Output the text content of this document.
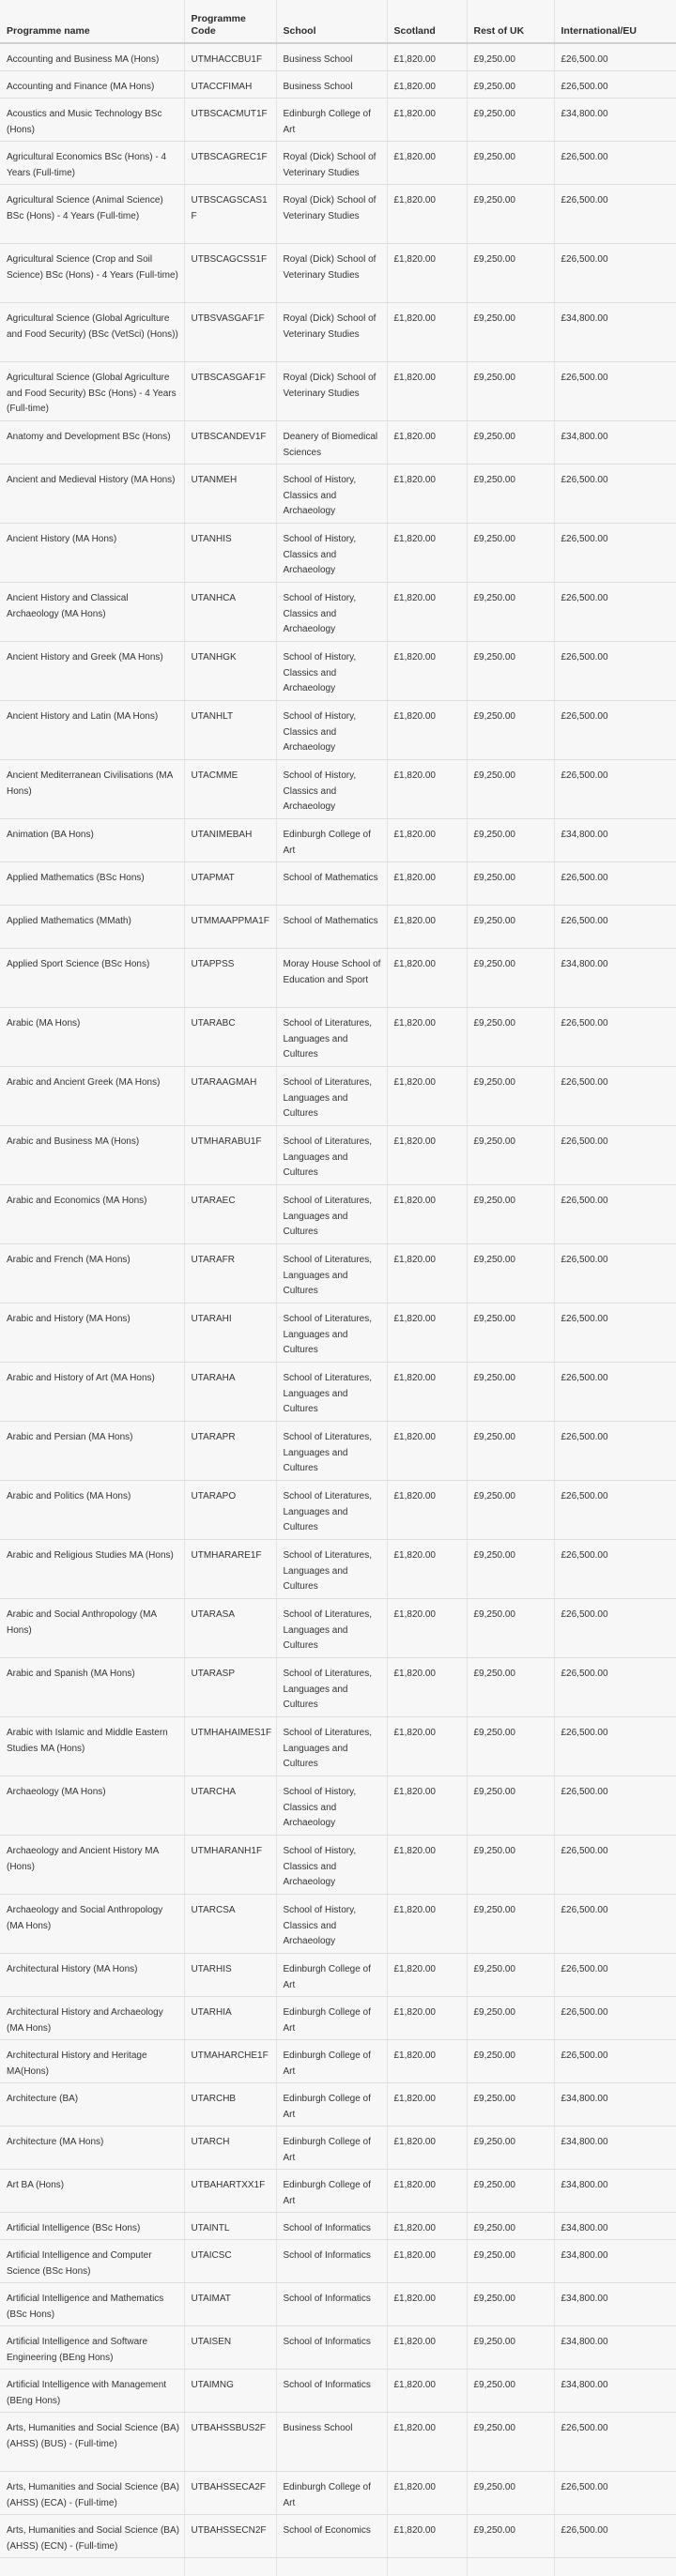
Programme name	Programme Code	School	Scotland	Rest of UK	International/EU
Accounting and Business MA (Hons)	UTMHACCBU1F	Business School	£1,820.00	£9,250.00	£26,500.00
Accounting and Finance (MA Hons)	UTACCFIMAH	Business School	£1,820.00	£9,250.00	£26,500.00
Acoustics and Music Technology BSc (Hons)	UTBSCACMUT1F	Edinburgh College of Art	£1,820.00	£9,250.00	£34,800.00
Agricultural Economics BSc (Hons) - 4 Years (Full-time)	UTBSCAGREC1F	Royal (Dick) School of Veterinary Studies	£1,820.00	£9,250.00	£26,500.00
Agricultural Science (Animal Science) BSc (Hons) - 4 Years (Full-time)	UTBSCAGSCAS1F	Royal (Dick) School of Veterinary Studies	£1,820.00	£9,250.00	£26,500.00
Agricultural Science (Crop and Soil Science) BSc (Hons) - 4 Years (Full-time)	UTBSCAGCSS1F	Royal (Dick) School of Veterinary Studies	£1,820.00	£9,250.00	£26,500.00
Agricultural Science (Global Agriculture and Food Security) (BSc (VetSci) (Hons))	UTBSVASGAF1F	Royal (Dick) School of Veterinary Studies	£1,820.00	£9,250.00	£34,800.00
Agricultural Science (Global Agriculture and Food Security) BSc (Hons) - 4 Years (Full-time)	UTBSCASGAF1F	Royal (Dick) School of Veterinary Studies	£1,820.00	£9,250.00	£26,500.00
Anatomy and Development BSc (Hons)	UTBSCANDEV1F	Deanery of Biomedical Sciences	£1,820.00	£9,250.00	£34,800.00
Ancient and Medieval History (MA Hons)	UTANMEH	School of History, Classics and Archaeology	£1,820.00	£9,250.00	£26,500.00
Ancient History (MA Hons)	UTANHIS	School of History, Classics and Archaeology	£1,820.00	£9,250.00	£26,500.00
Ancient History and Classical Archaeology (MA Hons)	UTANHCA	School of History, Classics and Archaeology	£1,820.00	£9,250.00	£26,500.00
Ancient History and Greek (MA Hons)	UTANHGK	School of History, Classics and Archaeology	£1,820.00	£9,250.00	£26,500.00
Ancient History and Latin (MA Hons)	UTANHLT	School of History, Classics and Archaeology	£1,820.00	£9,250.00	£26,500.00
Ancient Mediterranean Civilisations (MA Hons)	UTACMME	School of History, Classics and Archaeology	£1,820.00	£9,250.00	£26,500.00
Animation (BA Hons)	UTANIMEBAH	Edinburgh College of Art	£1,820.00	£9,250.00	£34,800.00
Applied Mathematics (BSc Hons)	UTAPMAT	School of Mathematics	£1,820.00	£9,250.00	£26,500.00
Applied Mathematics (MMath)	UTMMAAPPMA1F	School of Mathematics	£1,820.00	£9,250.00	£26,500.00
Applied Sport Science (BSc Hons)	UTAPPSS	Moray House School of Education and Sport	£1,820.00	£9,250.00	£34,800.00
Arabic (MA Hons)	UTARABC	School of Literatures, Languages and Cultures	£1,820.00	£9,250.00	£26,500.00
Arabic and Ancient Greek (MA Hons)	UTARAAGMAH	School of Literatures, Languages and Cultures	£1,820.00	£9,250.00	£26,500.00
Arabic and Business MA (Hons)	UTMHARABU1F	School of Literatures, Languages and Cultures	£1,820.00	£9,250.00	£26,500.00
Arabic and Economics (MA Hons)	UTARAEC	School of Literatures, Languages and Cultures	£1,820.00	£9,250.00	£26,500.00
Arabic and French (MA Hons)	UTARAFR	School of Literatures, Languages and Cultures	£1,820.00	£9,250.00	£26,500.00
Arabic and History (MA Hons)	UTARAHI	School of Literatures, Languages and Cultures	£1,820.00	£9,250.00	£26,500.00
Arabic and History of Art (MA Hons)	UTARAHA	School of Literatures, Languages and Cultures	£1,820.00	£9,250.00	£26,500.00
Arabic and Persian (MA Hons)	UTARAPR	School of Literatures, Languages and Cultures	£1,820.00	£9,250.00	£26,500.00
Arabic and Politics (MA Hons)	UTARAPO	School of Literatures, Languages and Cultures	£1,820.00	£9,250.00	£26,500.00
Arabic and Religious Studies MA (Hons)	UTMHARARE1F	School of Literatures, Languages and Cultures	£1,820.00	£9,250.00	£26,500.00
Arabic and Social Anthropology (MA Hons)	UTARASA	School of Literatures, Languages and Cultures	£1,820.00	£9,250.00	£26,500.00
Arabic and Spanish (MA Hons)	UTARASP	School of Literatures, Languages and Cultures	£1,820.00	£9,250.00	£26,500.00
Arabic with Islamic and Middle Eastern Studies MA (Hons)	UTMHAHAIMES1F	School of Literatures, Languages and Cultures	£1,820.00	£9,250.00	£26,500.00
Archaeology (MA Hons)	UTARCHA	School of History, Classics and Archaeology	£1,820.00	£9,250.00	£26,500.00
Archaeology and Ancient History MA (Hons)	UTMHARANH1F	School of History, Classics and Archaeology	£1,820.00	£9,250.00	£26,500.00
Archaeology and Social Anthropology (MA Hons)	UTARCSA	School of History, Classics and Archaeology	£1,820.00	£9,250.00	£26,500.00
Architectural History (MA Hons)	UTARHIS	Edinburgh College of Art	£1,820.00	£9,250.00	£26,500.00
Architectural History and Archaeology (MA Hons)	UTARHIA	Edinburgh College of Art	£1,820.00	£9,250.00	£26,500.00
Architectural History and Heritage MA(Hons)	UTMAHARCHE1F	Edinburgh College of Art	£1,820.00	£9,250.00	£26,500.00
Architecture (BA)	UTARCHB	Edinburgh College of Art	£1,820.00	£9,250.00	£34,800.00
Architecture (MA Hons)	UTARCH	Edinburgh College of Art	£1,820.00	£9,250.00	£34,800.00
Art BA (Hons)	UTBAHARTXX1F	Edinburgh College of Art	£1,820.00	£9,250.00	£34,800.00
Artificial Intelligence (BSc Hons)	UTAINTL	School of Informatics	£1,820.00	£9,250.00	£34,800.00
Artificial Intelligence and Computer Science (BSc Hons)	UTAICSC	School of Informatics	£1,820.00	£9,250.00	£34,800.00
Artificial Intelligence and Mathematics (BSc Hons)	UTAIMAT	School of Informatics	£1,820.00	£9,250.00	£34,800.00
Artificial Intelligence and Software Engineering (BEng Hons)	UTAISEN	School of Informatics	£1,820.00	£9,250.00	£34,800.00
Artificial Intelligence with Management (BEng Hons)	UTAIMNG	School of Informatics	£1,820.00	£9,250.00	£34,800.00
Arts, Humanities and Social Science (BA) (AHSS) (BUS) - (Full-time)	UTBAHSSBUS2F	Business School	£1,820.00	£9,250.00	£26,500.00
Arts, Humanities and Social Science (BA) (AHSS) (ECA) - (Full-time)	UTBAHSSECA2F	Edinburgh College of Art	£1,820.00	£9,250.00	£26,500.00
Arts, Humanities and Social Science (BA) (AHSS) (ECN) - (Full-time)	UTBAHSSECN2F	School of Economics	£1,820.00	£9,250.00	£26,500.00
